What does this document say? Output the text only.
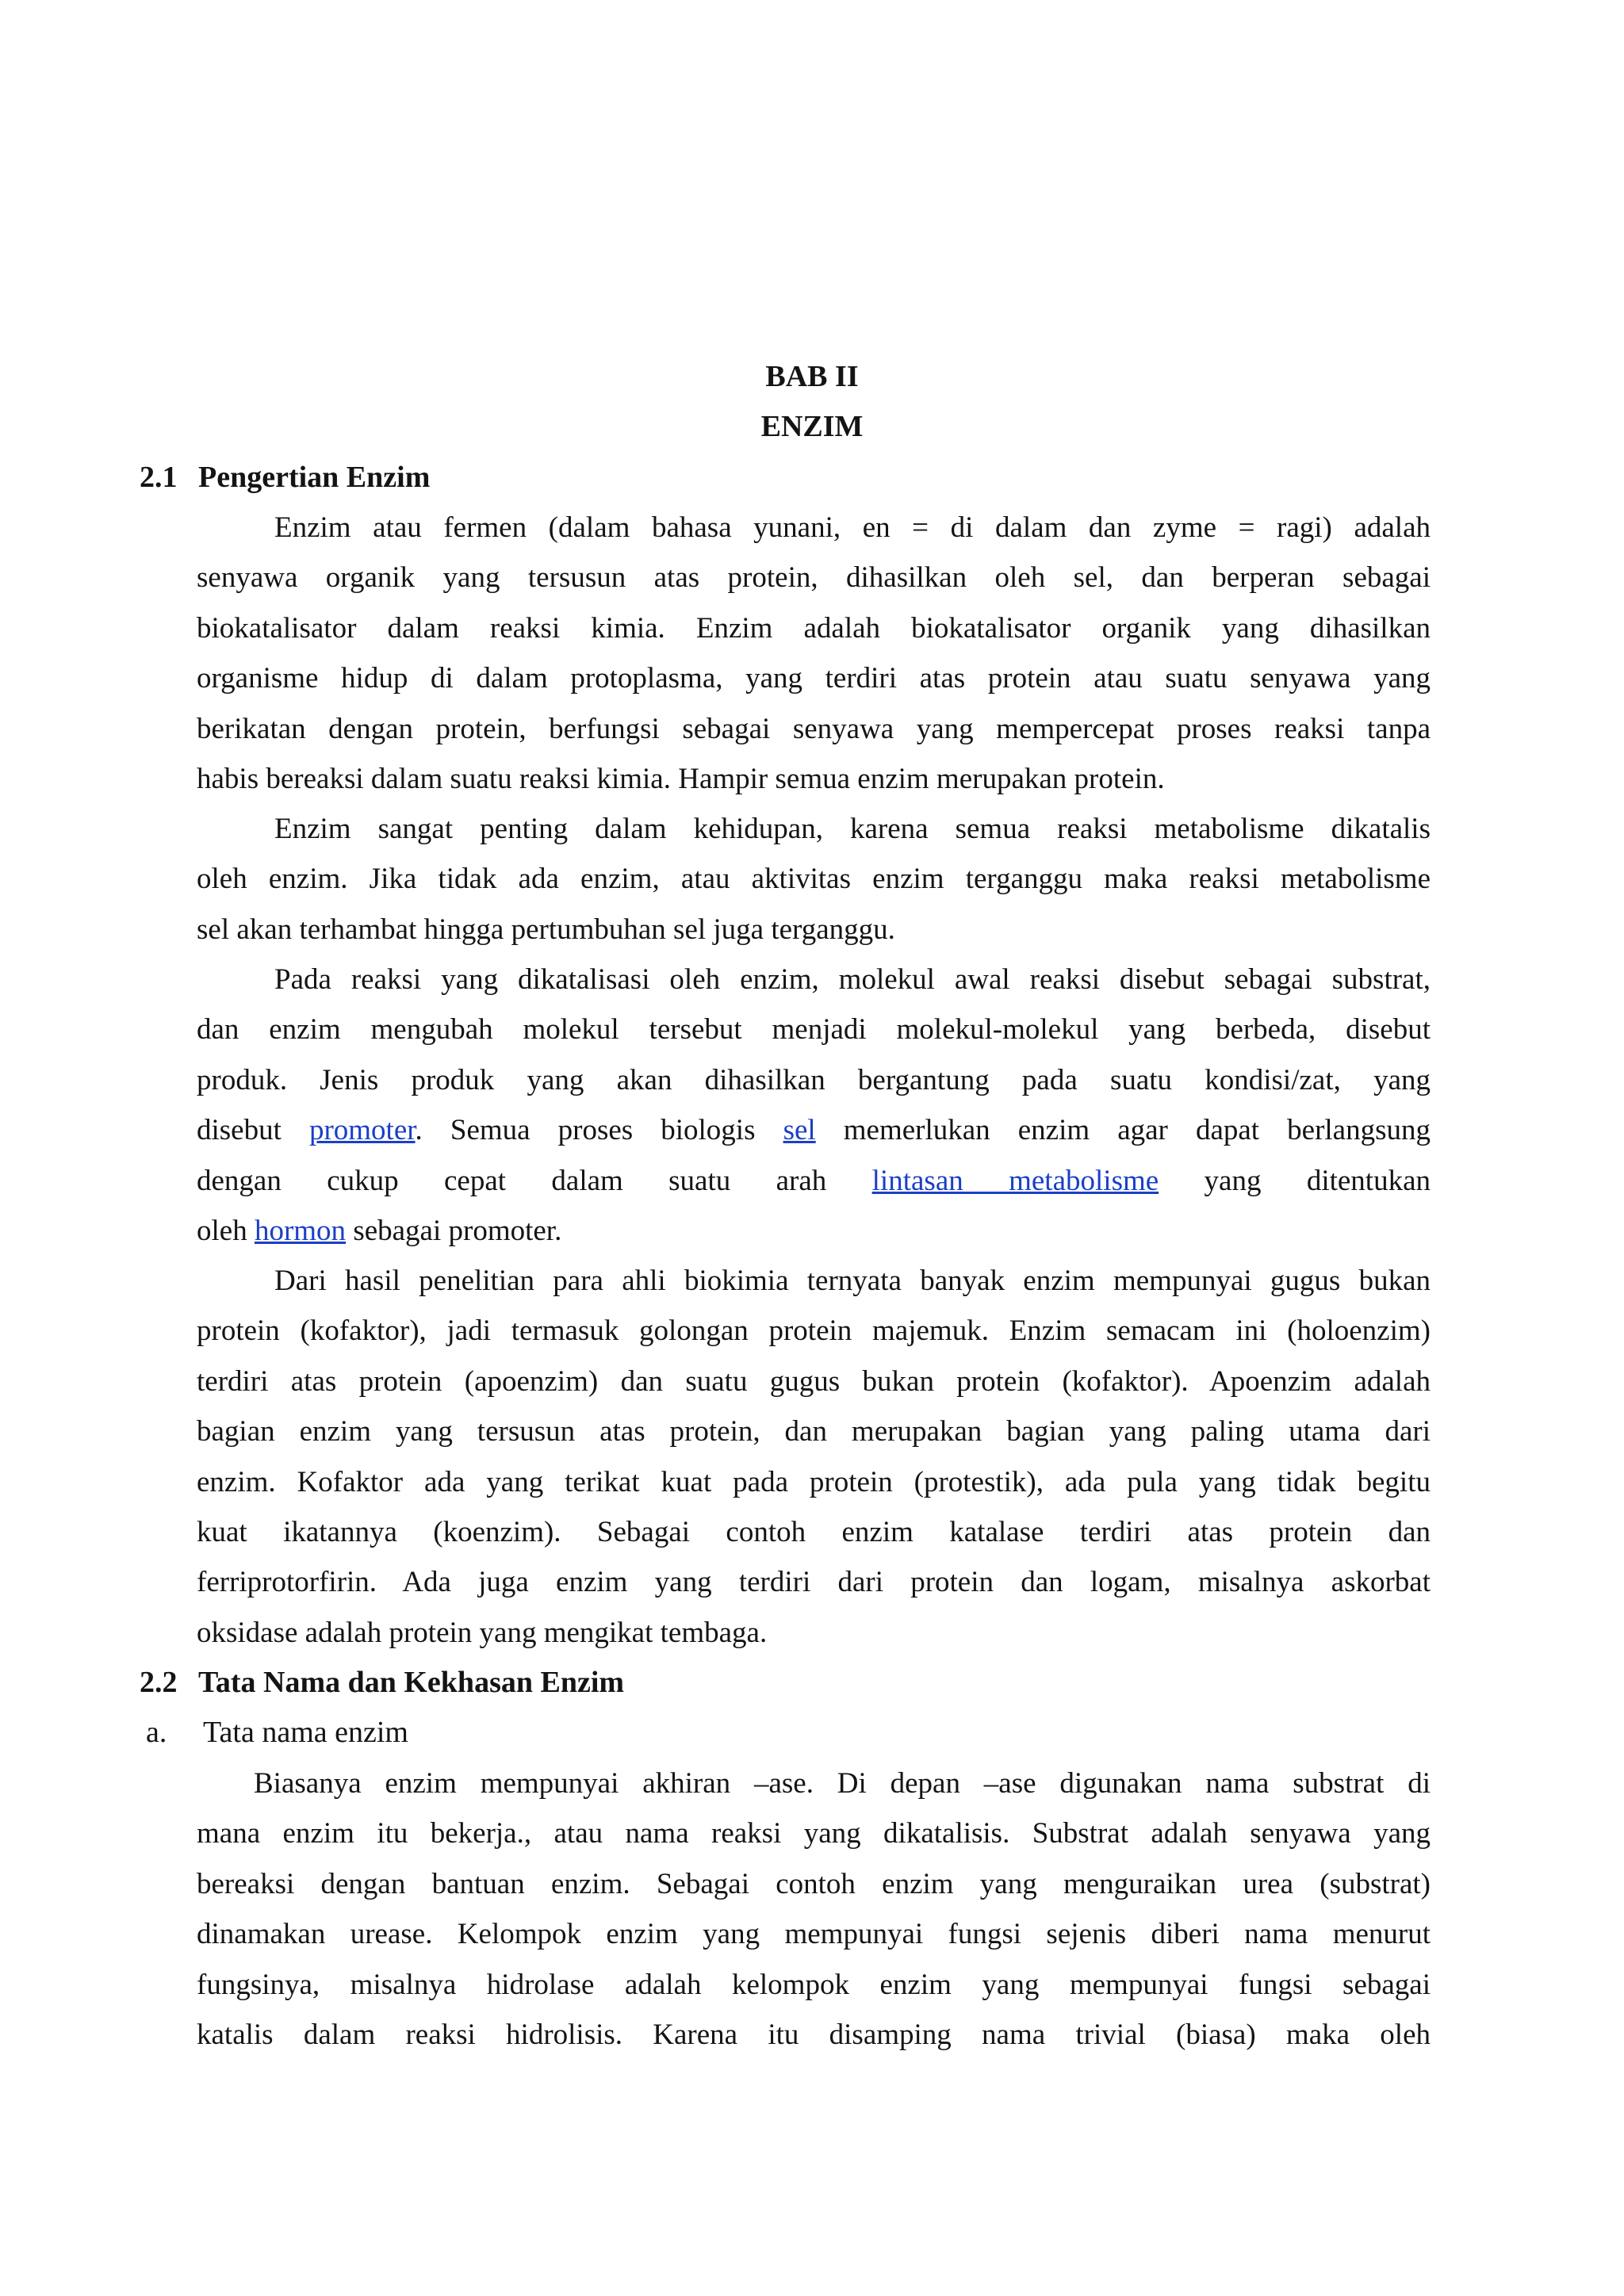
BAB II
ENZIM
2.1 Pengertian Enzim
Enzim atau fermen (dalam bahasa yunani, en = di dalam dan zyme = ragi) adalah
senyawa organik yang tersusun atas protein, dihasilkan oleh sel, dan berperan sebagai
biokatalisator dalam reaksi kimia. Enzim adalah biokatalisator organik yang dihasilkan
organisme hidup di dalam protoplasma, yang terdiri atas protein atau suatu senyawa yang
berikatan dengan protein, berfungsi sebagai senyawa yang mempercepat proses reaksi tanpa
habis bereaksi dalam suatu reaksi kimia. Hampir semua enzim merupakan protein.
Enzim sangat penting dalam kehidupan, karena semua reaksi metabolisme dikatalis
oleh enzim. Jika tidak ada enzim, atau aktivitas enzim terganggu maka reaksi metabolisme
sel akan terhambat hingga pertumbuhan sel juga terganggu.
Pada reaksi yang dikatalisasi oleh enzim, molekul awal reaksi disebut sebagai substrat,
dan enzim mengubah molekul tersebut menjadi molekul-molekul yang berbeda, disebut
produk. Jenis produk yang akan dihasilkan bergantung pada suatu kondisi/zat, yang
disebut promoter. Semua proses biologis sel memerlukan enzim agar dapat berlangsung
dengan cukup cepat dalam suatu arah lintasan metabolisme yang ditentukan
oleh hormon sebagai promoter.
Dari hasil penelitian para ahli biokimia ternyata banyak enzim mempunyai gugus bukan
protein (kofaktor), jadi termasuk golongan protein majemuk. Enzim semacam ini (holoenzim)
terdiri atas protein (apoenzim) dan suatu gugus bukan protein (kofaktor). Apoenzim adalah
bagian enzim yang tersusun atas protein, dan merupakan bagian yang paling utama dari
enzim. Kofaktor ada yang terikat kuat pada protein (protestik), ada pula yang tidak begitu
kuat ikatannya (koenzim). Sebagai contoh enzim katalase terdiri atas protein dan
ferriprotorfirin. Ada juga enzim yang terdiri dari protein dan logam, misalnya askorbat
oksidase adalah protein yang mengikat tembaga.
2.2 Tata Nama dan Kekhasan Enzim
a. Tata nama enzim
Biasanya enzim mempunyai akhiran –ase. Di depan –ase digunakan nama substrat di
mana enzim itu bekerja., atau nama reaksi yang dikatalisis. Substrat adalah senyawa yang
bereaksi dengan bantuan enzim. Sebagai contoh enzim yang menguraikan urea (substrat)
dinamakan urease. Kelompok enzim yang mempunyai fungsi sejenis diberi nama menurut
fungsinya, misalnya hidrolase adalah kelompok enzim yang mempunyai fungsi sebagai
katalis dalam reaksi hidrolisis. Karena itu disamping nama trivial (biasa) maka oleh
